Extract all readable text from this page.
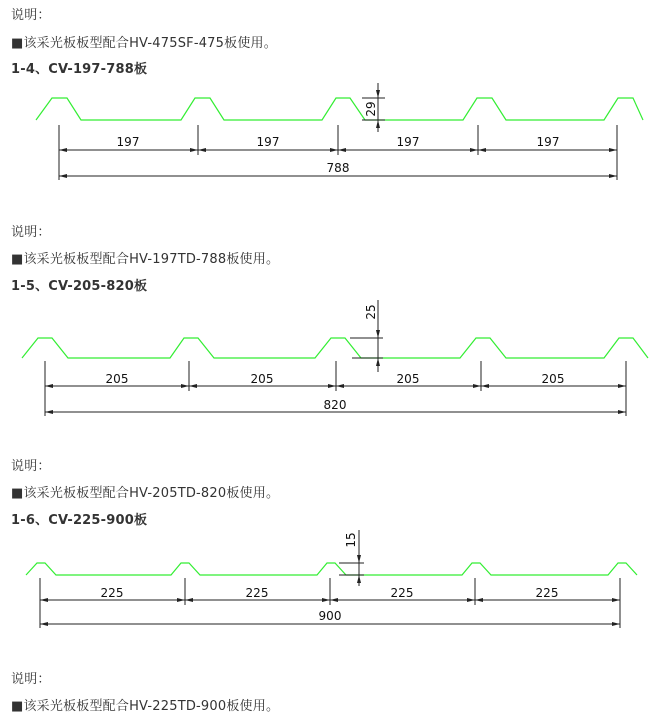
说明：
■该采光板板型配合HV-475SF-475板使用。
1-4、CV-197-788板
197	197	197	197
788
29
说明：
■该采光板板型配合HV-197TD-788板使用。
1-5、CV-205-820板
205	205	205	205
820
25
说明：
■该采光板板型配合HV-205TD-820板使用。
1-6、CV-225-900板
225	225	225	225
900
15
说明：
■该采光板板型配合HV-225TD-900板使用。
